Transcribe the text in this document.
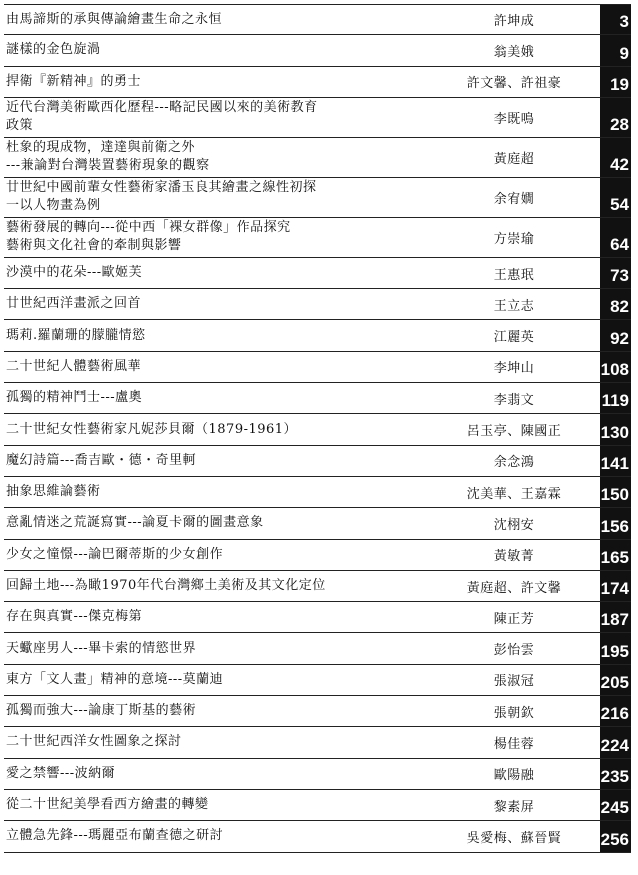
由馬諦斯的承與傳論繪畫生命之永恒	許坤成	3
謎樣的金色旋渦	翁美娥	9
捍衛『新精神』的勇士	許文馨、許祖豪	19
近代台灣美術歐西化歷程---略記民國以來的美術教育
政策	李既鳴	28
杜象的現成物，達達與前衛之外
---兼論對台灣裝置藝術現象的觀察	黃庭超	42
廿世紀中國前輩女性藝術家潘玉良其繪畫之線性初探
一以人物畫為例	余宥嫺	54
藝術發展的轉向---從中西「裸女群像」作品探究
藝術與文化社會的牽制與影響	方崇瑜	64
沙漠中的花朵---歐姬芙	王惠珉	73
廿世紀西洋畫派之回首	王立志	82
瑪莉.羅蘭珊的朦朧情慾	江麗英	92
二十世紀人體藝術風華	李坤山	108
孤獨的精神鬥士---盧奧	李翡文	119
二十世紀女性藝術家凡妮莎貝爾（1879-1961）	呂玉亭、陳國正	130
魔幻詩篇---喬吉歐・德・奇里軻	余念鴻	141
抽象思維論藝術	沈美華、王嘉霖	150
意亂情迷之荒誕寫實---論夏卡爾的圖畫意象	沈栩安	156
少女之憧憬---論巴爾蒂斯的少女創作	黃敏菁	165
回歸土地---為瞰1970年代台灣鄉土美術及其文化定位	黃庭超、許文馨	174
存在與真實---傑克梅第	陳正芳	187
天蠍座男人---畢卡索的情慾世界	彭怡雲	195
東方「文人畫」精神的意境---莫蘭迪	張淑冠	205
孤獨而強大---論康丁斯基的藝術	張朝欽	216
二十世紀西洋女性圖象之探討	楊佳蓉	224
愛之禁響---波納爾	歐陽融	235
從二十世紀美學看西方繪畫的轉變	黎素屏	245
立體急先鋒---瑪麗亞布蘭查德之研討	吳愛梅、蘇晉賢	256
